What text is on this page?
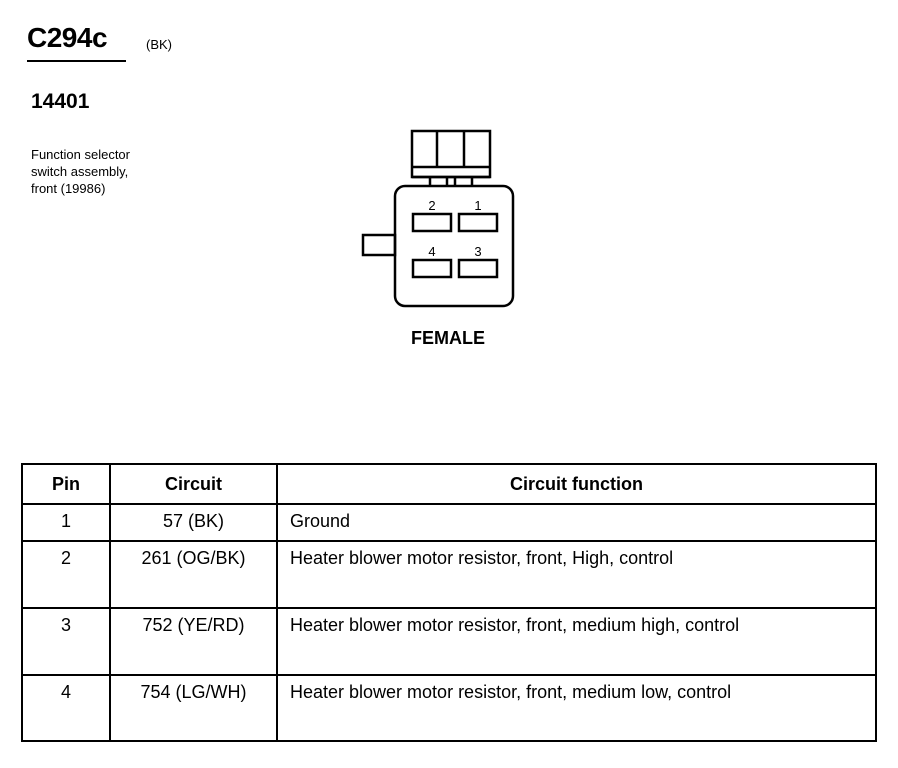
C294c	(BK)
14401
Function selector
switch assembly,
front (19986)
2	1
4	3
FEMALE
Pin	Circuit	Circuit function
1	57 (BK)	Ground
2	261 (OG/BK)	Heater blower motor resistor, front, High, control
3	752 (YE/RD)	Heater blower motor resistor, front, medium high, control
4	754 (LG/WH)	Heater blower motor resistor, front, medium low, control
